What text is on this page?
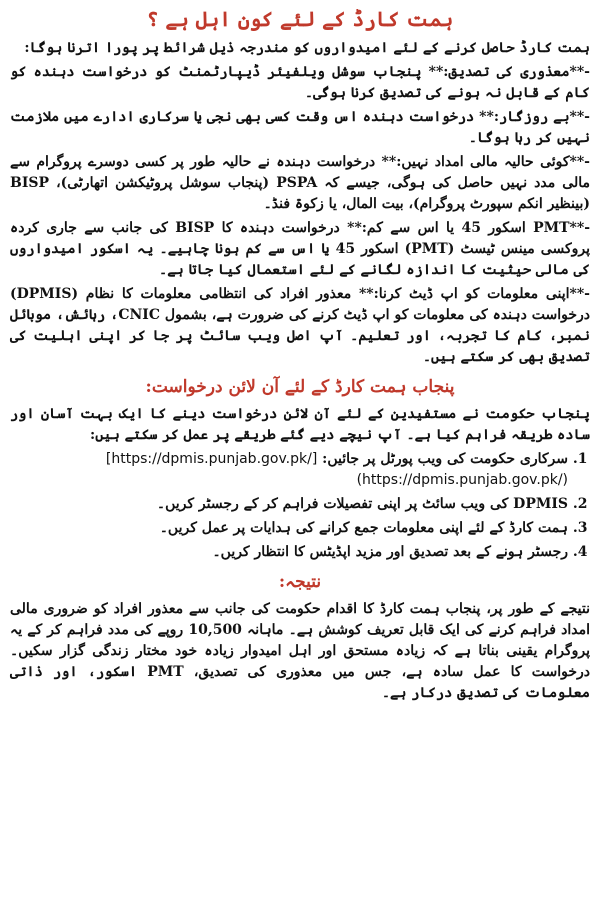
ہمت کارڈ کے لئے کون اہل ہے ؟

ہمت کارڈ حاصل کرنے کے لئے امیدواروں کو مندرجہ ذیل شرائط پر پورا اترنا ہوگا:

-**معذوری کی تصدیق:** پنجاب سوشل ویلفیئر ڈیپارٹمنٹ کو درخواست دہندہ کو کام کے قابل نہ ہونے کی تصدیق کرنا ہوگی۔

-**بے روزگار:** درخواست دہندہ اس وقت کسی بھی نجی یا سرکاری ادارے میں ملازمت نہیں کر رہا ہوگا۔

-**کوئی حالیہ مالی امداد نہیں:** درخواست دہندہ نے حالیہ طور پر کسی دوسرے پروگرام سے مالی مدد نہیں حاصل کی ہوگی، جیسے کہ PSPA (پنجاب سوشل پروٹیکشن اتھارٹی)، BISP (بینظیر انکم سپورٹ پروگرام)، بیت المال، یا زکوۃ فنڈ۔

-**PMT اسکور 45 یا اس سے کم:** درخواست دہندہ کا BISP کی جانب سے جاری کردہ پروکسی مینس ٹیسٹ (PMT) اسکور 45 یا اس سے کم ہونا چاہیے۔ یہ اسکور امیدواروں کی مالی حیثیت کا اندازہ لگانے کے لئے استعمال کیا جاتا ہے۔

-**اپنی معلومات کو اپ ڈیٹ کرنا:** معذور افراد کی انتظامی معلومات کا نظام (DPMIS) درخواست دہندہ کی معلومات کو اپ ڈیٹ کرنے کی ضرورت ہے، بشمول CNIC، رہائش، موبائل نمبر، کام کا تجربہ، اور تعلیم۔ آپ اصل ویب سائٹ پر جا کر اپنی اہلیت کی تصدیق بھی کر سکتے ہیں۔

پنجاب ہمت کارڈ کے لئے آن لائن درخواست:

پنجاب حکومت نے مستفیدین کے لئے آن لائن درخواست دینے کا ایک بہت آسان اور سادہ طریقہ فراہم کیا ہے۔ آپ نیچے دیے گئے طریقے پر عمل کر سکتے ہیں:

1. سرکاری حکومت کی ویب پورٹل پر جائیں: [https://dpmis.punjab.gov.pk/](https://dpmis.punjab.gov.pk/)
2. DPMIS کی ویب سائٹ پر اپنی تفصیلات فراہم کر کے رجسٹر کریں۔
3. ہمت کارڈ کے لئے اپنی معلومات جمع کرانے کی ہدایات پر عمل کریں۔
4. رجسٹر ہونے کے بعد تصدیق اور مزید اپڈیٹس کا انتظار کریں۔
نتیجہ:

نتیجے کے طور پر، پنجاب ہمت کارڈ کا اقدام حکومت کی جانب سے معذور افراد کو ضروری مالی امداد فراہم کرنے کی ایک قابل تعریف کوشش ہے۔ ماہانہ 10,500 روپے کی مدد فراہم کر کے یہ پروگرام یقینی بناتا ہے کہ زیادہ مستحق اور اہل امیدوار زیادہ خود مختار زندگی گزار سکیں۔ درخواست کا عمل سادہ ہے، جس میں معذوری کی تصدیق، PMT اسکور، اور ذاتی معلومات کی تصدیق درکار ہے۔
